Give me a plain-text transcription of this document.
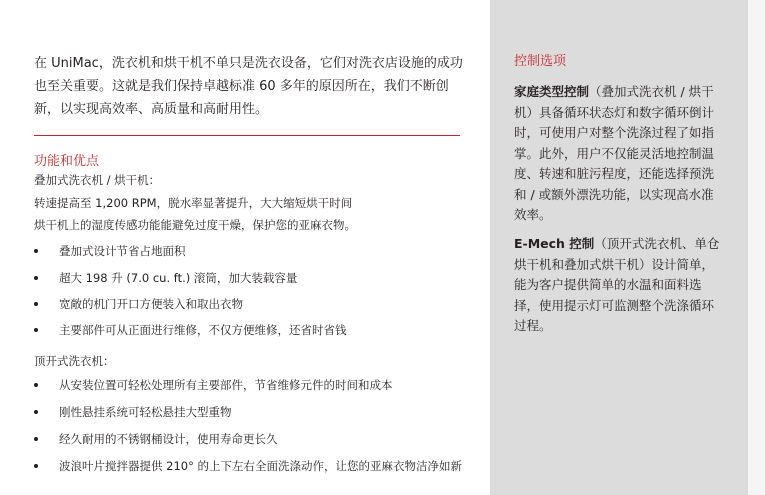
在 UniMac，洗衣机和烘干机不单只是洗衣设备，它们对洗衣店设施的成功也至关重要。这就是我们保持卓越标准 60 多年的原因所在，我们不断创新，以实现高效率、高质量和高耐用性。

功能和优点

叠加式洗衣机 / 烘干机：

转速提高至 1,200 RPM，脱水率显著提升，大大缩短烘干时间

烘干机上的湿度传感功能能避免过度干燥，保护您的亚麻衣物。

叠加式设计节省占地面积
超大 198 升 (7.0 cu. ft.) 滚筒，加大装载容量
宽敞的机门开口方便装入和取出衣物
主要部件可从正面进行维修，不仅方便维修，还省时省钱

顶开式洗衣机：

从安装位置可轻松处理所有主要部件，节省维修元件的时间和成本
刚性悬挂系统可轻松悬挂大型重物
经久耐用的不锈钢桶设计，使用寿命更长久
波浪叶片搅拌器提供 210° 的上下左右全面洗涤动作，让您的亚麻衣物洁净如新
控制选项

家庭类型控制（叠加式洗衣机 / 烘干机）具备循环状态灯和数字循环倒计时，可使用户对整个洗涤过程了如指掌。此外，用户不仅能灵活地控制温度、转速和脏污程度，还能选择预洗和 / 或额外漂洗功能，以实现高水准效率。

E-Mech 控制（顶开式洗衣机、单仓烘干机和叠加式烘干机）设计简单，能为客户提供简单的水温和面料选择，使用提示灯可监测整个洗涤循环过程。
